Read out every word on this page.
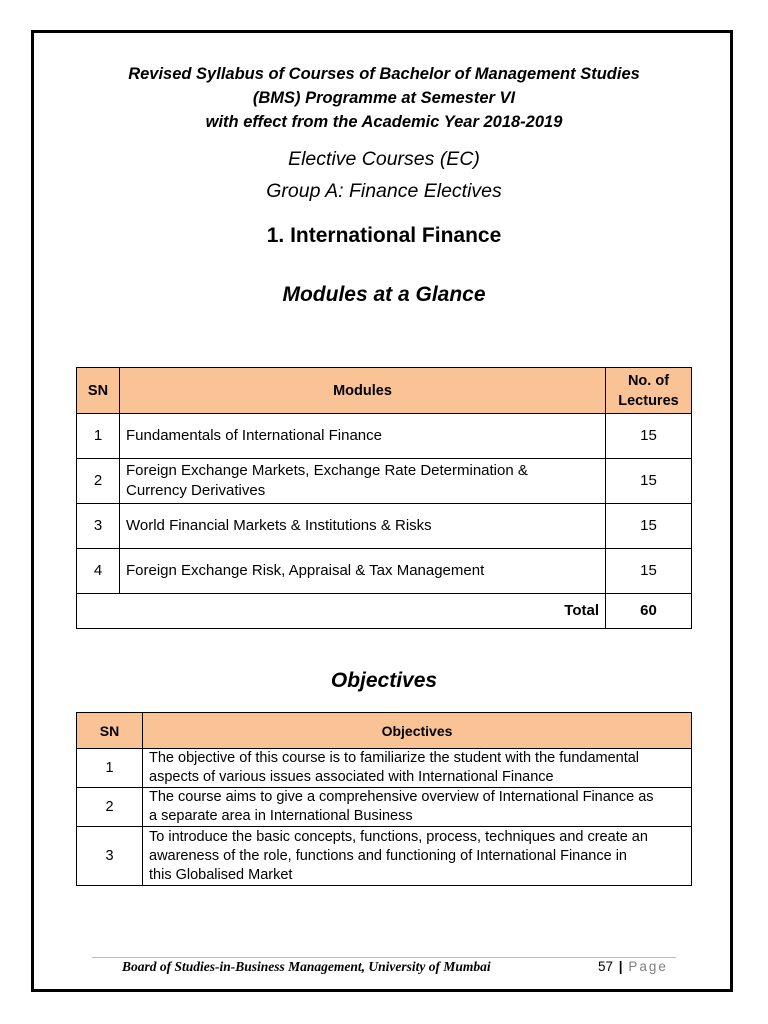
Revised Syllabus of Courses of Bachelor of Management Studies
(BMS) Programme at Semester VI
with effect from the Academic Year 2018-2019
Elective Courses (EC)
Group A: Finance Electives
1. International Finance
Modules at a Glance
SN	Modules	No. of
Lectures

1	Fundamentals of International Finance	15
2	Foreign Exchange Markets, Exchange Rate Determination &
Currency Derivatives	15
3	World Financial Markets & Institutions & Risks	15
4	Foreign Exchange Risk, Appraisal & Tax Management	15
Total		60
Objectives
SN	Objectives
1	The objective of this course is to familiarize the student with the fundamental
aspects of various issues associated with International Finance

2	The course aims to give a comprehensive overview of International Finance as
a separate area in International Business

3	To introduce the basic concepts, functions, process, techniques and create an
awareness of the role, functions and functioning of International Finance in
this Globalised Market
Board of Studies-in-Business Management, University of Mumbai	57 | Page
